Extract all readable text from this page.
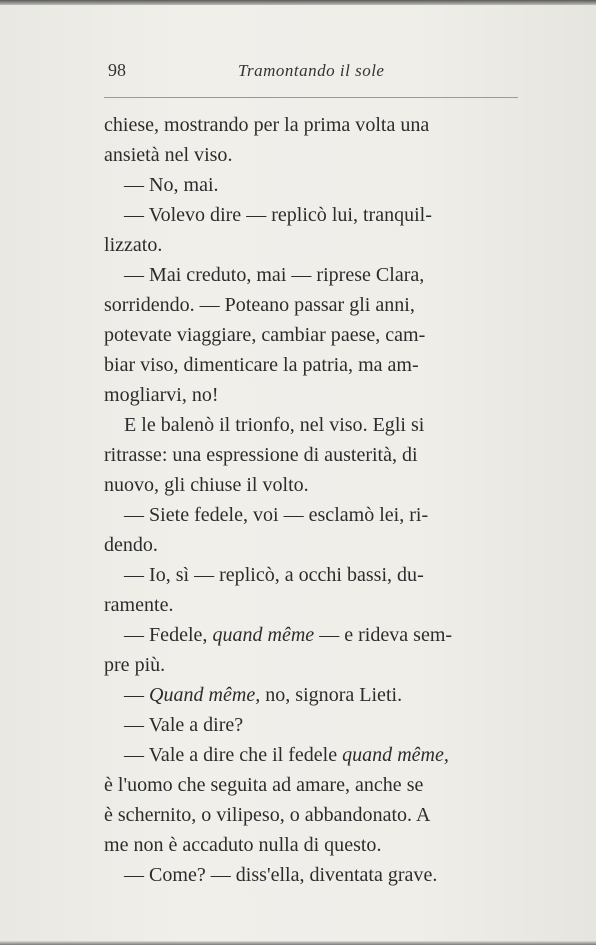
98	Tramontando il sole
chiese, mostrando per la prima volta una
ansietà nel viso.
 — No, mai.
 — Volevo dire — replicò lui, tranquil-
lizzato.
 — Mai creduto, mai — riprese Clara,
sorridendo. — Poteano passar gli anni,
potevate viaggiare, cambiar paese, cam-
biar viso, dimenticare la patria, ma am-
mogliarvi, no!
 E le balenò il trionfo, nel viso. Egli si
ritrasse: una espressione di austerità, di
nuovo, gli chiuse il volto.
 — Siete fedele, voi — esclamò lei, ri-
dendo.
 — Io, sì — replicò, a occhi bassi, du-
ramente.
 — Fedele, quand même — e rideva sem-
pre più.
 — Quand même, no, signora Lieti.
 — Vale a dire?
 — Vale a dire che il fedele quand même,
è l'uomo che seguita ad amare, anche se
è schernito, o vilipeso, o abbandonato. A
me non è accaduto nulla di questo.
 — Come? — diss'ella, diventata grave.
